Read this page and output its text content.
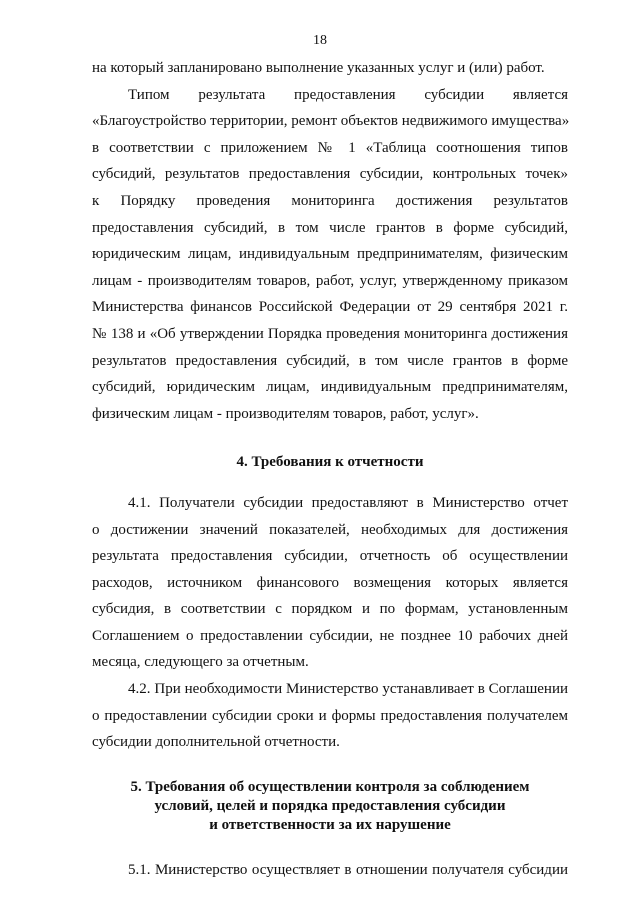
18
на который запланировано выполнение указанных услуг и (или) работ.
Типом результата предоставления субсидии является
«Благоустройство территории, ремонт объектов недвижимого имущества»
в соответствии с приложением № 1 «Таблица соотношения типов
субсидий, результатов предоставления субсидии, контрольных точек»
к Порядку проведения мониторинга достижения результатов
предоставления субсидий, в том числе грантов в форме субсидий,
юридическим лицам, индивидуальным предпринимателям, физическим
лицам - производителям товаров, работ, услуг, утвержденному приказом
Министерства финансов Российской Федерации от 29 сентября 2021 г.
№ 138 и «Об утверждении Порядка проведения мониторинга достижения
результатов предоставления субсидий, в том числе грантов в форме
субсидий, юридическим лицам, индивидуальным предпринимателям,
физическим лицам - производителям товаров, работ, услуг».
4. Требования к отчетности
4.1. Получатели субсидии предоставляют в Министерство отчет
о достижении значений показателей, необходимых для достижения
результата предоставления субсидии, отчетность об осуществлении
расходов, источником финансового возмещения которых является
субсидия, в соответствии с порядком и по формам, установленным
Соглашением о предоставлении субсидии, не позднее 10 рабочих дней
месяца, следующего за отчетным.
4.2. При необходимости Министерство устанавливает в Соглашении
о предоставлении субсидии сроки и формы предоставления получателем
субсидии дополнительной отчетности.
5. Требования об осуществлении контроля за соблюдением
условий, целей и порядка предоставления субсидии
и ответственности за их нарушение
5.1. Министерство осуществляет в отношении получателя субсидии
